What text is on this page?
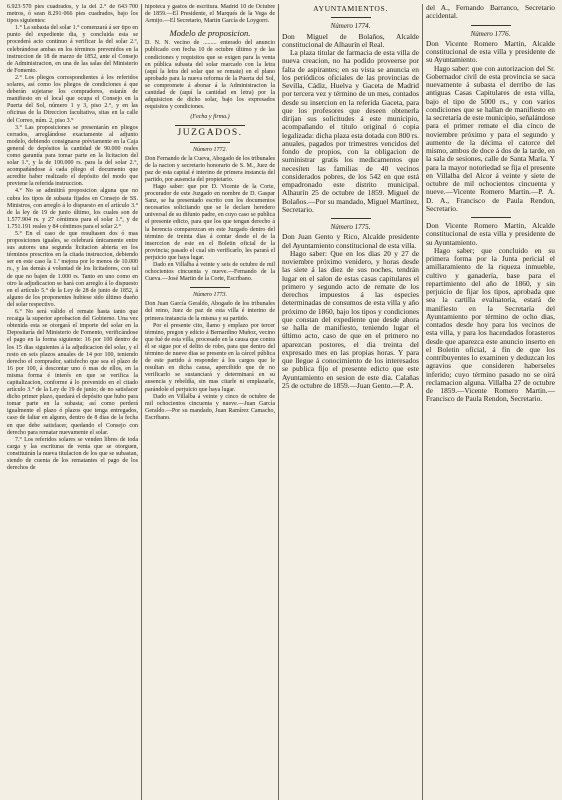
6.923·570 pies cuadrados, y la del 2.° de 643·700 metros, ó sean 8.291·066 pies cuadrados, bajo los tipos siguientes:

1.° La subasta del solar 1.° comenzará á ser tipo en punto del expediente dia, y concluida esta se procederá acto continuo á verificar la del solar 2.º, celebrándose ambas en los términos prevenidos en la instruccion de 18 de marzo de 1852, ante el Consejo de Administracion, en una de las salas del Ministerio de Fomento.

2.° Los pliegos correspondientes á los referidos solares, así como los pliegos de condiciones á que deberán sujetarse los compradores, estarán de manifiesto en el local que ocupa el Consejo en la Puerta del Sol, número 1 y 3, piso 2.°, y en las oficinas de la Direccion facultativa, sitas en la calle del Correo, núm. 2, piso 3.°

3.° Las proposiciones se presentarán en pliegos cerrados, arreglándose exactamente al adjunto modelo, debiendo consignarse préviamente en la Caja general de depósitos la cantidad de 90.000 reales como garantía para tomar parte en la licitacion del solar 1.°, y la de 100.000 rs. para la del solar 2.°, acompañándose á cada pliego el documento que acredite haber realizado el depósito del modo que previene la referida instruccion.

4.° No se admitirá proposicion alguna que no cubra los tipos de subasta fijados en Consejo de SS. Ministros, con arreglo á lo dispuesto en el artículo 3.° de la ley de 19 de junio último, los cuales son de 1.577.904 rs. y 27 céntimos para el solar 1.°, y de 1.751.191 reales y 84 céntimos para el solar 2.°

5.° En el caso de que resultasen dos ó mas proposiciones iguales, se celebrará únicamente entre sus autores una segunda licitacion abierta en los términos prescritos en la citada instruccion, debiendo ser en este caso la 1.ª mejora por lo menos de 10.000 rs., y las demás á voluntad de los licitadores, con tal de que no bajen de 1.000 rs. Tanto en uno como en otro la adjudicacion se hará con arreglo á lo dispuesto en el artículo 5.° de la Ley de 28 de junio de 1852, á alguno de los proponentes hubiese sido último dueño del solar respectivo.

6.° No será válido el remate hasta tanto que recaiga la superior aprobacion del Gobierno. Una vez obtenida esta se otorgará el importe del solar en la Depositaría del Ministerio de Fomento, verificándose el pago en la forma siguiente: 16 por 100 dentro de los 15 dias siguientes á la adjudicacion del solar, y el resto en seis plazos anuales de 14 por 100, teniendo derecho el comprador, satisfecho que sea el plazo de 16 por 100, á descontar uno ó mas de ellos, en la misma forma é interés en que se verifica la capitalizacion, conforme á lo prevenido en el citado artículo 3.° de la Ley de 19 de junio; de no satisfacer dicho primer plazo, quedará el depósito que hubo para tomar parte en la subasta; así como perderá igualmente el plazo ó plazos que tenga entregados, caso de faltar en alguno, dentro de 8 dias de la fecha en que debe satisfacer, quedando el Consejo con derecho para rematar nuevamente el solar.

7.° Los referidos solares se venden libres de toda carga y las escrituras de venta que se otorguen, constituirán la nueva titulacion de los que se subastan, siendo de cuenta de los rematantes el pago de los derechos de

hipoteca y gastos de escritura. Madrid 10 de Octubre de 1859.—El Presidente, el Marqués de la Vega de Armijo.—El Secretario, Martin García de Loygorri.

Modelo de proposicion.

D. N. N. vecino de ......... enterado del anuncio publicado con fecha 10 de octubre último y de las condiciones y requisitos que se exigen para la venta en pública subasta del solar marcado con la letra (aquí la letra del solar que se remate) en el plano aprobado para la nueva reforma de la Puerta del Sol, se compromete á abonar á la Administracion la cantidad de (aquí la cantidad en letra) por la adquisicion de dicho solar, bajo los expresados requisitos y condiciones.

(Fecha y firma.)

JUZGADOS.
Número 1772.

Don Fernando de la Cueva, Abogado de los tribunales de la nacion y secretario honorario de S. M., Juez de paz de esta capital é interino de primera instancia del partido, por ausencia del propietario.

Hago saber: que por D. Vicente de la Corte, procurador de este Juzgado en nombre de D. Gaspar Sanz, se ha presentado escrito con los documentos necesarios solicitando que se le declare heredero universal de su difunto padre, en cuyo caso se publica el presente edicto, para que los que tengan derecho á la herencia comparezcan en este Juzgado dentro del término de treinta dias á contar desde el de la inserccion de este en el Boletin oficial de la provincia; pasado el cual sin verificarlo, les parará el perjuicio que haya lugar.

Dado en Villalba á veinte y seis de octubre de mil ochocientos cincuenta y nueve.—Fernando de la Cueva.—José Martin de la Corte, Escribano.

Número 1773.

Don Juan García Geraldo, Abogado de los tribunales del reino, Juez de paz de esta villa é interino de primera instancia de la misma y su partido.

Por el presente cito, llamo y emplazo por tercer término, pregon y edicto á Bernardino Muñoz, vecino que fué de esta villa, procesado en la causa que contra él se sigue por el delito de robo, para que dentro del término de nueve dias se presente en la cárcel pública de este partido á responder á los cargos que le resultan en dicha causa, apercibido que de no verificarlo se sustanciará y determinará en su ausencia y rebeldía, sin mas citarle ni emplazarle, parándole el perjuicio que haya lugar.

Dado en Villalba á veinte y cinco de octubre de mil ochocientos cincuenta y nueve.—Juan García Geraldo.—Por su mandado, Juan Ramírez Camacho, Escribano.

AYUNTAMIENTOS.
Número 1774.

Don Miguel de Bolaños, Alcalde constitucional de Alhaurín el Real.

La plaza titular de farmacia de esta villa de nueva creacion, no ha podido proveerse por falta de aspirantes; en su vista se anuncia en los periódicos oficiales de las provincias de Sevilla, Cádiz, Huelva y Gaceta de Madrid por tercera vez y término de un mes, contados desde su insercion en la referida Gaceta, para que los profesores que deseen obtenerla dirijan sus solicitudes á este municipio, acompañando el título original ó copia legalizada: dicha plaza esta dotada con 800 rs. anuales, pagados por trimestres vencidos del fondo de propios, con la obligacion de suministrar gratis los medicamentos que necesiten las familias de 40 vecinos considerados pobres, de los 542 en que está empadronado este distrito municipal. Alhaurín 25 de octubre de 1859. Miguel de Bolaños.—Por su mandado, Miguel Martínez, Secretario.

Número 1775.

Don Juan Gento y Rico, Alcalde presidente del Ayuntamiento constitucional de esta villa.

Hago saber: Que en los dias 20 y 27 de noviembre próximo venidero, y horas desde las siete á las diez de sus noches, tendrán lugar en el salon de estas casas capitulares el primero y segundo acto de remate de los derechos impuestos á las especies determinadas de consumos de esta villa y año próximo de 1860, bajo los tipos y condiciones que constan del expediente que desde ahora se halla de manifiesto, teniendo lugar el último acto, caso de que en el primero no aparezcan postores, el dia treinta del expresado mes en las propias horas. Y para que llegue á conocimiento de los interesados se publica fijo el presente edicto que este Ayuntamiento en sesion de este dia. Calañas 25 de octubre de 1859.—Juan Gento.—P. A.

del A., Fernando Barranco, Secretario accidental.

Número 1776.

Don Vicente Romero Martin, Alcalde constitucional de esta villa y presidente de su Ayuntamiento.

Hago saber: que con autorizacion del Sr. Gobernador civil de esta provincia se saca nuevamente á subasta el derribo de las antiguas Casas Capitulares de esta villa, bajo el tipo de 5000 rs., y con varios condiciones que se hallan de manifiesto en la secretaría de este municipio, señalándose para el primer remate el dia cinco de noviembre próximo y para el segundo y aumento de la décima el catorce del mismo, ambos de doce á dos de la tarde, en la sala de sesiones, calle de Santa María. Y para la mayor notoriedad se fija el presente en Villalba del Alcor á veinte y siete de octubre de mil ochocientos cincuenta y nueve.—Vicente Romero Martin.—P. A. D. A., Francisco de Paula Rendon, Secretario.

Don Vicente Romero Martin, Alcalde constitucional de esta villa y presidente de su Ayuntamiento.

Hago saber; que concluido en su primera forma por la Junta pericial el amillaramiento de la riqueza inmueble, cultivo y ganadería, base para el repartimiento del año de 1860, y sin perjuicio de fijar los tipos, aprobada que sea la cartilla evaluatoria, estará de manifiesto en la Secretaría del Ayuntamiento por término de ocho dias, contados desde hoy para los vecinos de esta villa, y para los hacendados forasteros desde que aparezca este anuncio inserto en el Boletin oficial, á fin de que los contribuyentes lo examinen y deduzcan los agravios que consideren haberseles inferido; cuyo término pasado no se oirá reclamacion alguna. Villalba 27 de octubre de 1859.—Vicente Romero Martin.—Francisco de Paula Rendon, Secretario.
